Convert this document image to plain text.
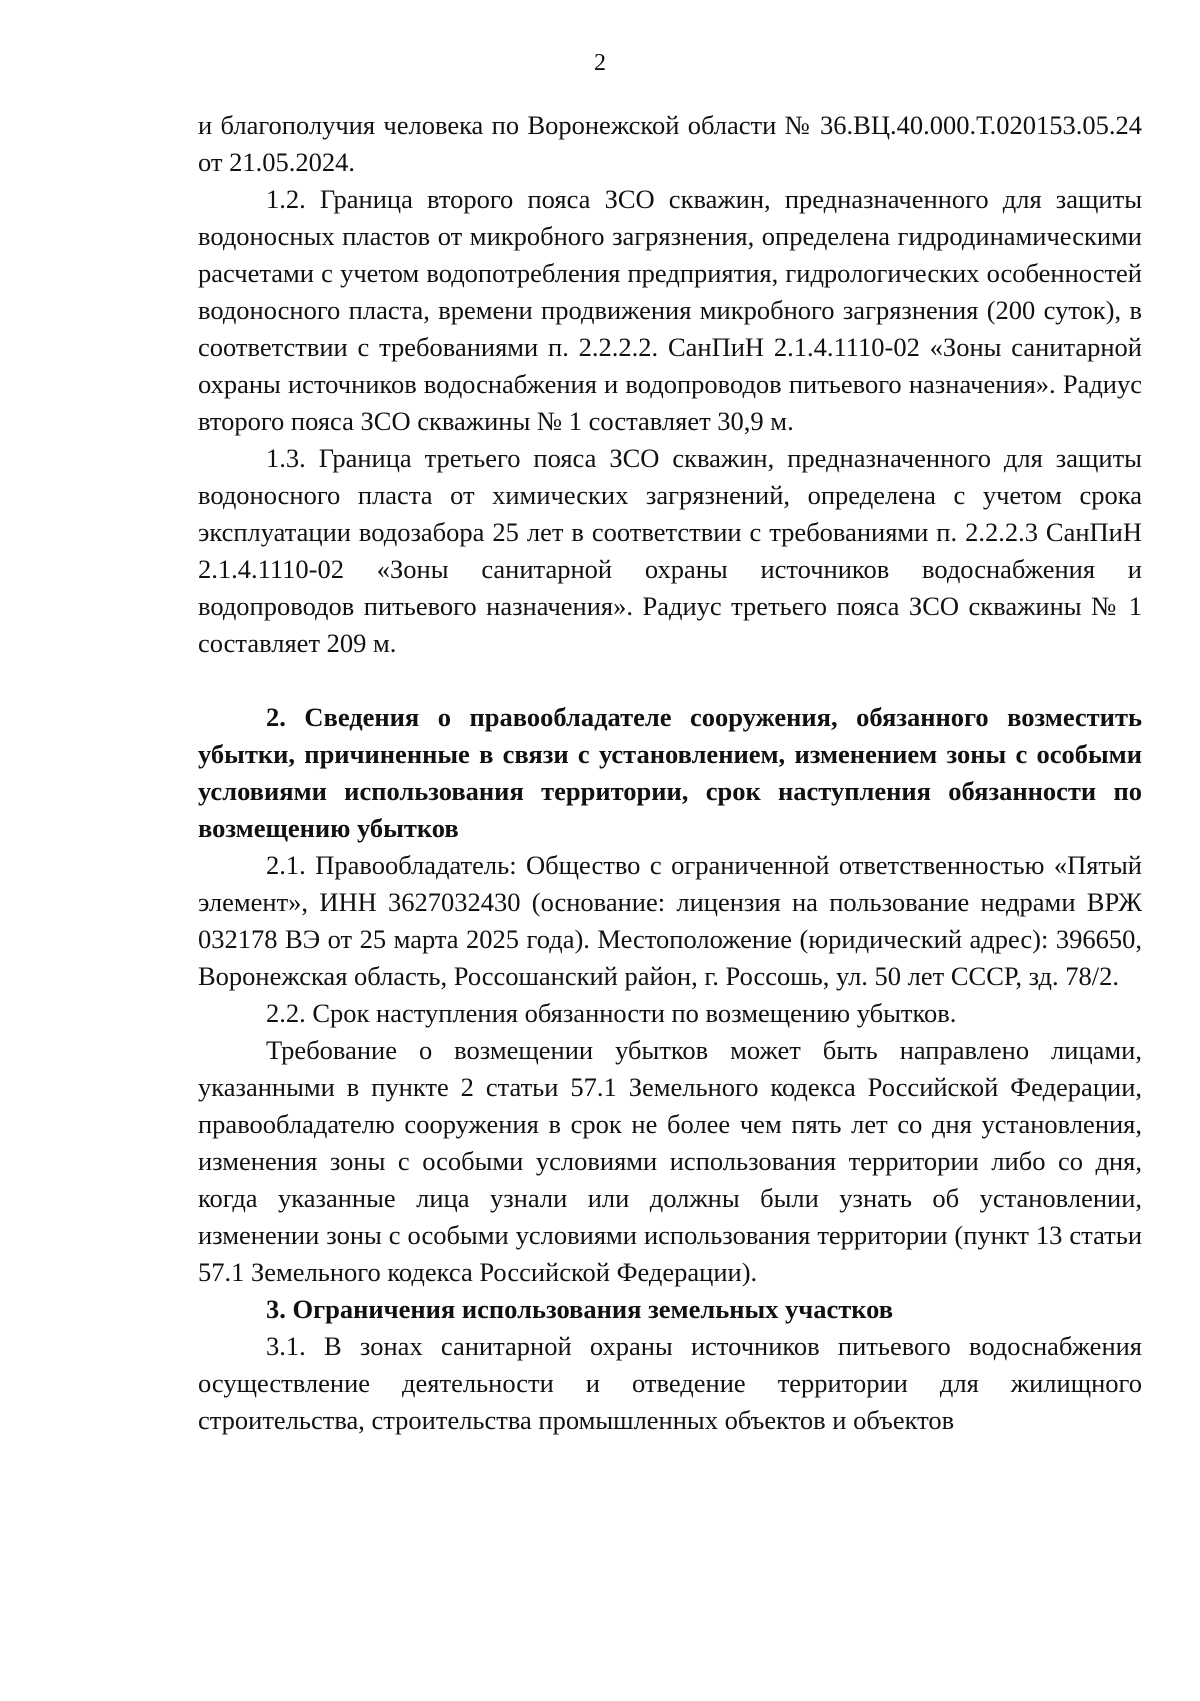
2

и благополучия человека по Воронежской области № 36.ВЦ.40.000.Т.020153.05.24 от 21.05.2024.

1.2. Граница второго пояса ЗСО скважин, предназначенного для защиты водоносных пластов от микробного загрязнения, определена гидродинамическими расчетами с учетом водопотребления предприятия, гидрологических особенностей водоносного пласта, времени продвижения микробного загрязнения (200 суток), в соответствии с требованиями п. 2.2.2.2. СанПиН 2.1.4.1110-02 «Зоны санитарной охраны источников водоснабжения и водопроводов питьевого назначения». Радиус второго пояса ЗСО скважины № 1 составляет 30,9 м.

1.3. Граница третьего пояса ЗСО скважин, предназначенного для защиты водоносного пласта от химических загрязнений, определена с учетом срока эксплуатации водозабора 25 лет в соответствии с требованиями п. 2.2.2.3 СанПиН 2.1.4.1110-02 «Зоны санитарной охраны источников водоснабжения и водопроводов питьевого назначения». Радиус третьего пояса ЗСО скважины № 1 составляет 209 м.

2. Сведения о правообладателе сооружения, обязанного возместить убытки, причиненные в связи с установлением, изменением зоны с особыми условиями использования территории, срок наступления обязанности по возмещению убытков

2.1. Правообладатель: Общество с ограниченной ответственностью «Пятый элемент», ИНН 3627032430 (основание: лицензия на пользование недрами ВРЖ 032178 ВЭ от 25 марта 2025 года). Местоположение (юридический адрес): 396650, Воронежская область, Россошанский район, г. Россошь, ул. 50 лет СССР, зд. 78/2.

2.2. Срок наступления обязанности по возмещению убытков.

Требование о возмещении убытков может быть направлено лицами, указанными в пункте 2 статьи 57.1 Земельного кодекса Российской Федерации, правообладателю сооружения в срок не более чем пять лет со дня установления, изменения зоны с особыми условиями использования территории либо со дня, когда указанные лица узнали или должны были узнать об установлении, изменении зоны с особыми условиями использования территории (пункт 13 статьи 57.1 Земельного кодекса Российской Федерации).

3. Ограничения использования земельных участков

3.1. В зонах санитарной охраны источников питьевого водоснабжения осуществление деятельности и отведение территории для жилищного строительства, строительства промышленных объектов и объектов
